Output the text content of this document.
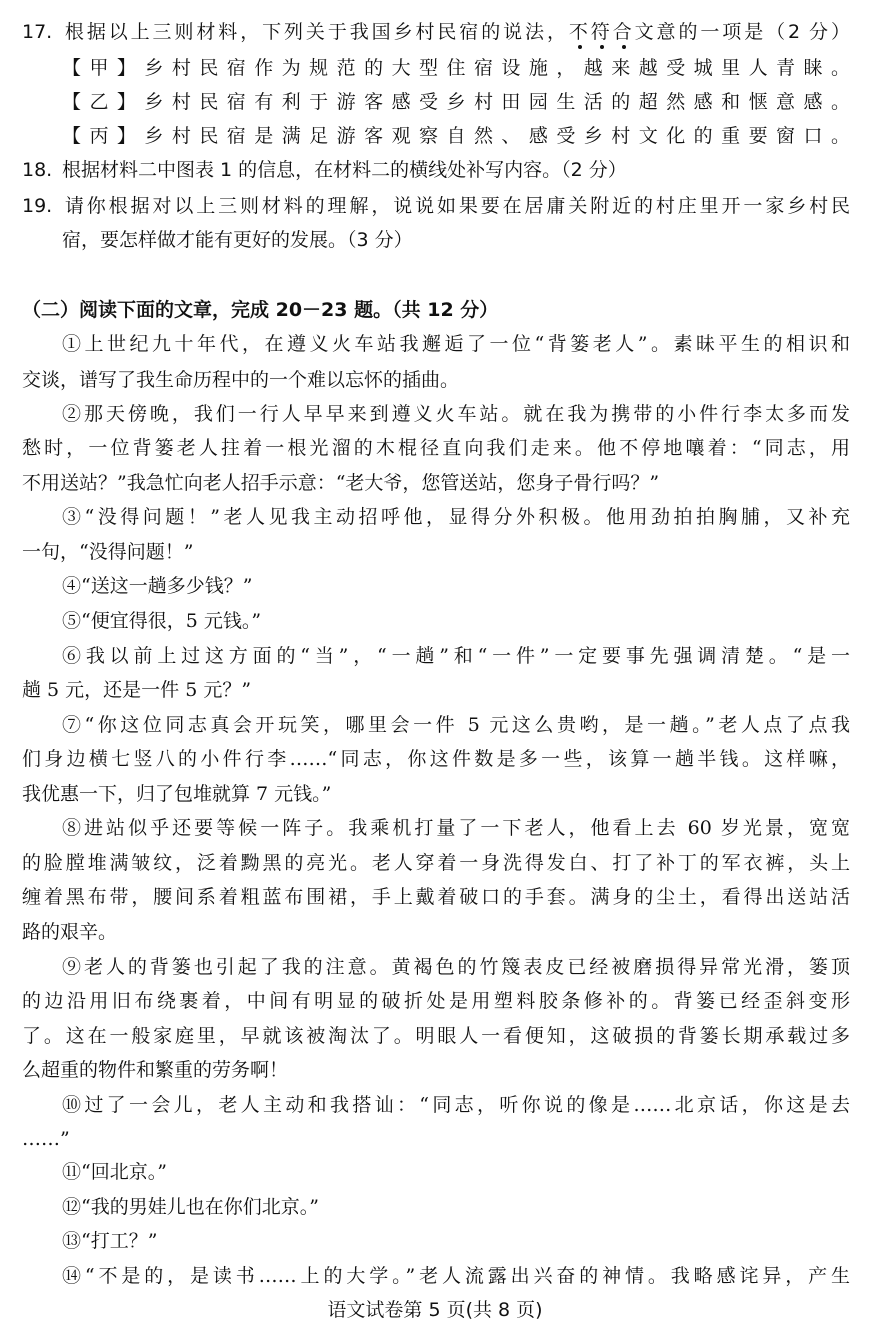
17. 根据以上三则材料，下列关于我国乡村民宿的说法，不符合文意的一项是（2 分）
【甲】乡村民宿作为规范的大型住宿设施，越来越受城里人青睐。
【乙】乡村民宿有利于游客感受乡村田园生活的超然感和惬意感。
【丙】乡村民宿是满足游客观察自然、感受乡村文化的重要窗口。
18. 根据材料二中图表 1 的信息，在材料二的横线处补写内容。（2 分）
19. 请你根据对以上三则材料的理解，说说如果要在居庸关附近的村庄里开一家乡村民
宿，要怎样做才能有更好的发展。（3 分）
（二）阅读下面的文章，完成 20－23 题。（共 12 分）
①上世纪九十年代，在遵义火车站我邂逅了一位“背篓老人”。素昧平生的相识和
交谈，谱写了我生命历程中的一个难以忘怀的插曲。
②那天傍晚，我们一行人早早来到遵义火车站。就在我为携带的小件行李太多而发
愁时，一位背篓老人拄着一根光溜的木棍径直向我们走来。他不停地嚷着：“同志，用
不用送站？”我急忙向老人招手示意：“老大爷，您管送站，您身子骨行吗？”
③“没得问题！”老人见我主动招呼他，显得分外积极。他用劲拍拍胸脯，又补充
一句，“没得问题！”
④“送这一趟多少钱？”
⑤“便宜得很，5 元钱。”
⑥我以前上过这方面的“当”，“一趟”和“一件”一定要事先强调清楚。“是一
趟 5 元，还是一件 5 元？”
⑦“你这位同志真会开玩笑，哪里会一件 5 元这么贵哟，是一趟。”老人点了点我
们身边横七竖八的小件行李……“同志，你这件数是多一些，该算一趟半钱。这样嘛，
我优惠一下，归了包堆就算 7 元钱。”
⑧进站似乎还要等候一阵子。我乘机打量了一下老人，他看上去 60 岁光景，宽宽
的脸膛堆满皱纹，泛着黝黑的亮光。老人穿着一身洗得发白、打了补丁的军衣裤，头上
缠着黑布带，腰间系着粗蓝布围裙，手上戴着破口的手套。满身的尘土，看得出送站活
路的艰辛。
⑨老人的背篓也引起了我的注意。黄褐色的竹篾表皮已经被磨损得异常光滑，篓顶
的边沿用旧布绕裹着，中间有明显的破折处是用塑料胶条修补的。背篓已经歪斜变形
了。这在一般家庭里，早就该被淘汰了。明眼人一看便知，这破损的背篓长期承载过多
么超重的物件和繁重的劳务啊！
⑩过了一会儿，老人主动和我搭讪：“同志，听你说的像是……北京话，你这是去
……”
⑪“回北京。”
⑫“我的男娃儿也在你们北京。”
⑬“打工？”
⑭“不是的，是读书……上的大学。”老人流露出兴奋的神情。我略感诧异，产生
语文试卷第 5 页(共 8 页)
